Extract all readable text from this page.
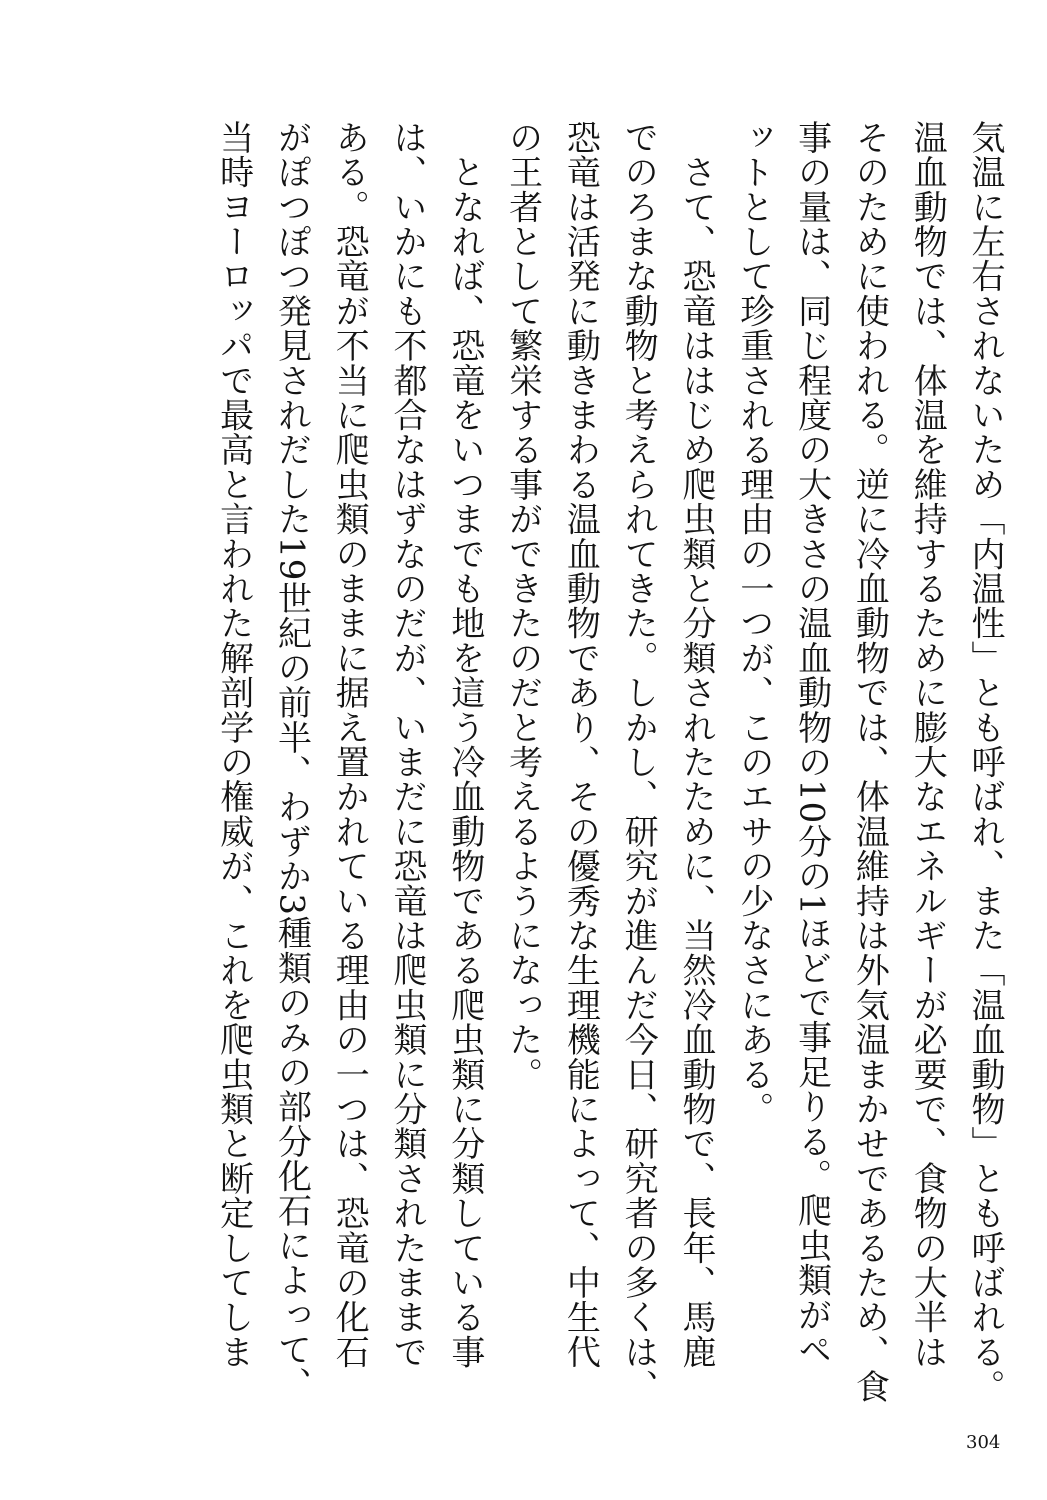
気温に左右されないため「内温性」とも呼ばれ、また「温血動物」とも呼ばれる。
温血動物では、体温を維持するために膨大なエネルギーが必要で、食物の大半は
そのために使われる。逆に冷血動物では、体温維持は外気温まかせであるため、食
事の量は、同じ程度の大きさの温血動物の10分の1ほどで事足りる。爬虫類がペ
ットとして珍重される理由の一つが、このエサの少なさにある。
　さて、恐竜ははじめ爬虫類と分類されたために、当然冷血動物で、長年、馬鹿
でのろまな動物と考えられてきた。しかし、研究が進んだ今日、研究者の多くは、
恐竜は活発に動きまわる温血動物であり、その優秀な生理機能によって、中生代
の王者として繁栄する事ができたのだと考えるようになった。
　となれば、恐竜をいつまでも地を這う冷血動物である爬虫類に分類している事
は、いかにも不都合なはずなのだが、いまだに恐竜は爬虫類に分類されたままで
ある。恐竜が不当に爬虫類のままに据え置かれている理由の一つは、恐竜の化石
がぽつぽつ発見されだした19世紀の前半、わずか3種類のみの部分化石によって、
当時ヨーロッパで最高と言われた解剖学の権威が、これを爬虫類と断定してしま
304
